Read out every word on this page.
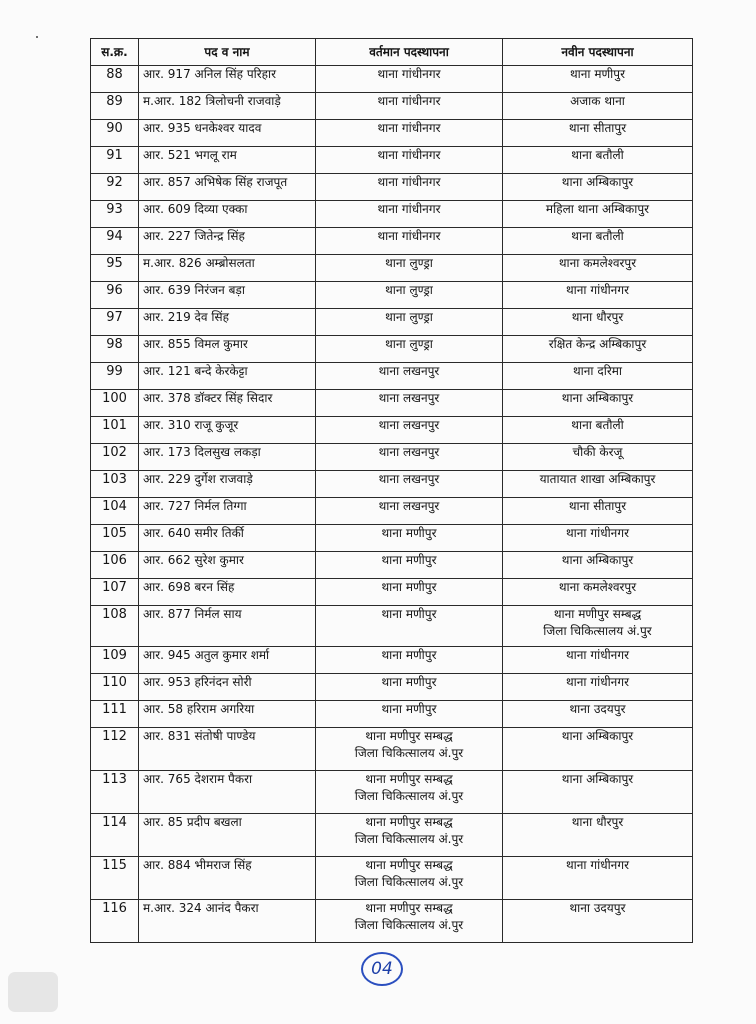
स.क्र.	पद व नाम	वर्तमान पदस्थापना	नवीन पदस्थापना
88	आर. 917 अनिल सिंह परिहार	थाना गांधीनगर	थाना मणीपुर

89	म.आर. 182 त्रिलोचनी राजवाड़े	थाना गांधीनगर	अजाक थाना

90	आर. 935 धनकेश्वर यादव	थाना गांधीनगर	थाना सीतापुर

91	आर. 521 भगलू राम	थाना गांधीनगर	थाना बतौली

92	आर. 857 अभिषेक सिंह राजपूत	थाना गांधीनगर	थाना अम्बिकापुर

93	आर. 609 दिव्या एक्का	थाना गांधीनगर	महिला थाना अम्बिकापुर

94	आर. 227 जितेन्द्र सिंह	थाना गांधीनगर	थाना बतौली

95	म.आर. 826 अम्ब्रोसलता	थाना लुण्ड्रा	थाना कमलेश्वरपुर

96	आर. 639 निरंजन बड़ा	थाना लुण्ड्रा	थाना गांधीनगर

97	आर. 219 देव सिंह	थाना लुण्ड्रा	थाना धौरपुर

98	आर. 855 विमल कुमार	थाना लुण्ड्रा	रक्षित केन्द्र अम्बिकापुर

99	आर. 121 बन्दे केरकेट्टा	थाना लखनपुर	थाना दरिमा

100	आर. 378 डॉक्टर सिंह सिदार	थाना लखनपुर	थाना अम्बिकापुर

101	आर. 310 राजू कुजूर	थाना लखनपुर	थाना बतौली

102	आर. 173 दिलसुख लकड़ा	थाना लखनपुर	चौकी केरजू

103	आर. 229 दुर्गेश राजवाड़े	थाना लखनपुर	यातायात शाखा अम्बिकापुर

104	आर. 727 निर्मल तिग्गा	थाना लखनपुर	थाना सीतापुर

105	आर. 640 समीर तिर्की	थाना मणीपुर	थाना गांधीनगर

106	आर. 662 सुरेश कुमार	थाना मणीपुर	थाना अम्बिकापुर

107	आर. 698 बरन सिंह	थाना मणीपुर	थाना कमलेश्वरपुर

108	आर. 877 निर्मल साय	थाना मणीपुर	थाना मणीपुर सम्बद्ध
जिला चिकित्सालय अं.पुर

109	आर. 945 अतुल कुमार शर्मा	थाना मणीपुर	थाना गांधीनगर

110	आर. 953 हरिनंदन सोरी	थाना मणीपुर	थाना गांधीनगर

111	आर. 58 हरिराम अगरिया	थाना मणीपुर	थाना उदयपुर

112	आर. 831 संतोषी पाण्डेय	थाना मणीपुर सम्बद्ध
जिला चिकित्सालय अं.पुर	थाना अम्बिकापुर

113	आर. 765 देशराम पैकरा	थाना मणीपुर सम्बद्ध
जिला चिकित्सालय अं.पुर	थाना अम्बिकापुर

114	आर. 85 प्रदीप बखला	थाना मणीपुर सम्बद्ध
जिला चिकित्सालय अं.पुर	थाना धौरपुर

115	आर. 884 भीमराज सिंह	थाना मणीपुर सम्बद्ध
जिला चिकित्सालय अं.पुर	थाना गांधीनगर

116	म.आर. 324 आनंद पैकरा	थाना मणीपुर सम्बद्ध
जिला चिकित्सालय अं.पुर	थाना उदयपुर
04
